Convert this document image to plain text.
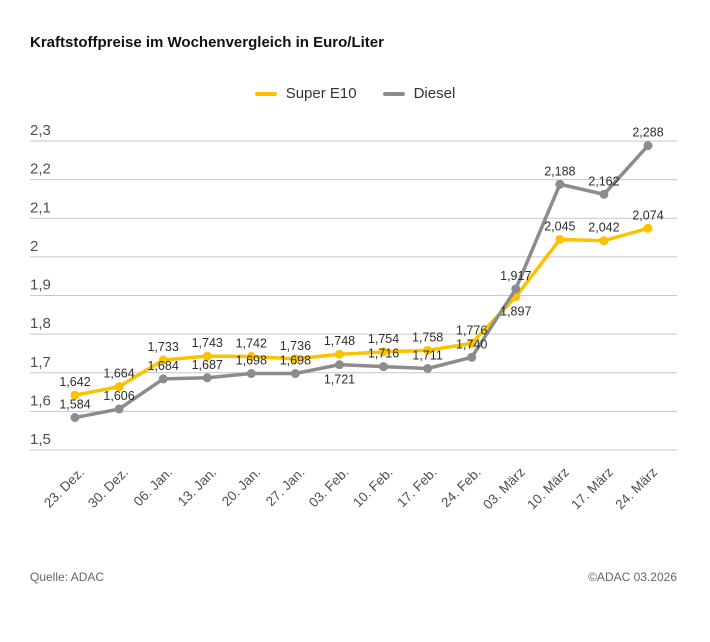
Kraftstoffpreise im Wochenvergleich in Euro/Liter
Super E10	Diesel
2,3
2,2
2,1
2
1,9
1,8
1,7
1,6
1,5
23. Dez.
30. Dez. 06. Jan. 13. Jan. 20. Jan. 27. Jan.
03. Feb.
10. Feb.
17. Feb.
24. Feb.
03. März
10. März
17. März
24. März
1,642
1,664
1,733 1,743 1,742 1,736 1,748 1,754 1,758 1,776
1,897
2,045 2,042
2,074
1,584
1,606
1,684 1,687 1,698 1,698
1,721
1,716 1,711
1,740
1,917
2,188
2,162
2,288
Quelle: ADAC	©ADAC 03.2026
